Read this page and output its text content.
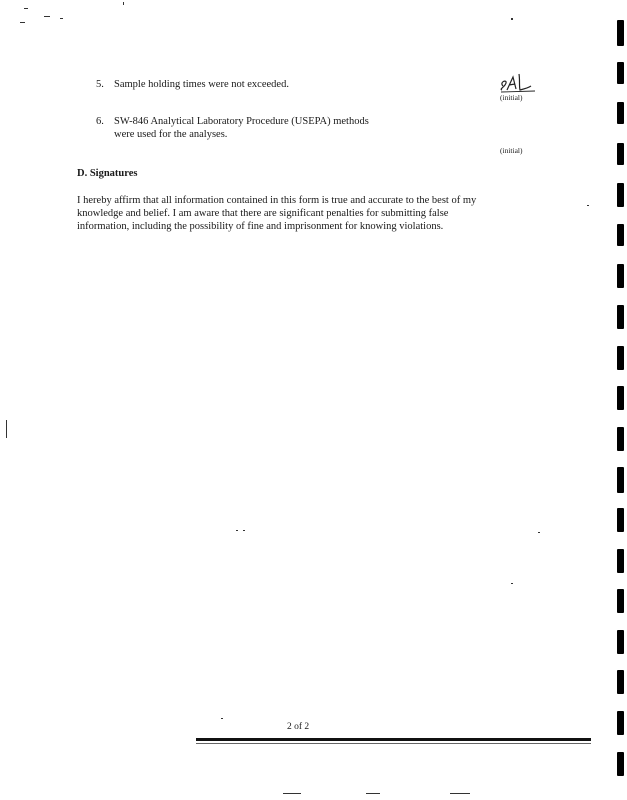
5. Sample holding times were not exceeded.
(initial)
6. SW-846 Analytical Laboratory Procedure (USEPA) methods
were used for the analyses.
(initial)
D. Signatures
I hereby affirm that all information contained in this form is true and accurate to the best of my
knowledge and belief. I am aware that there are significant penalties for submitting false
information, including the possibility of fine and imprisonment for knowing violations.
2 of 2
